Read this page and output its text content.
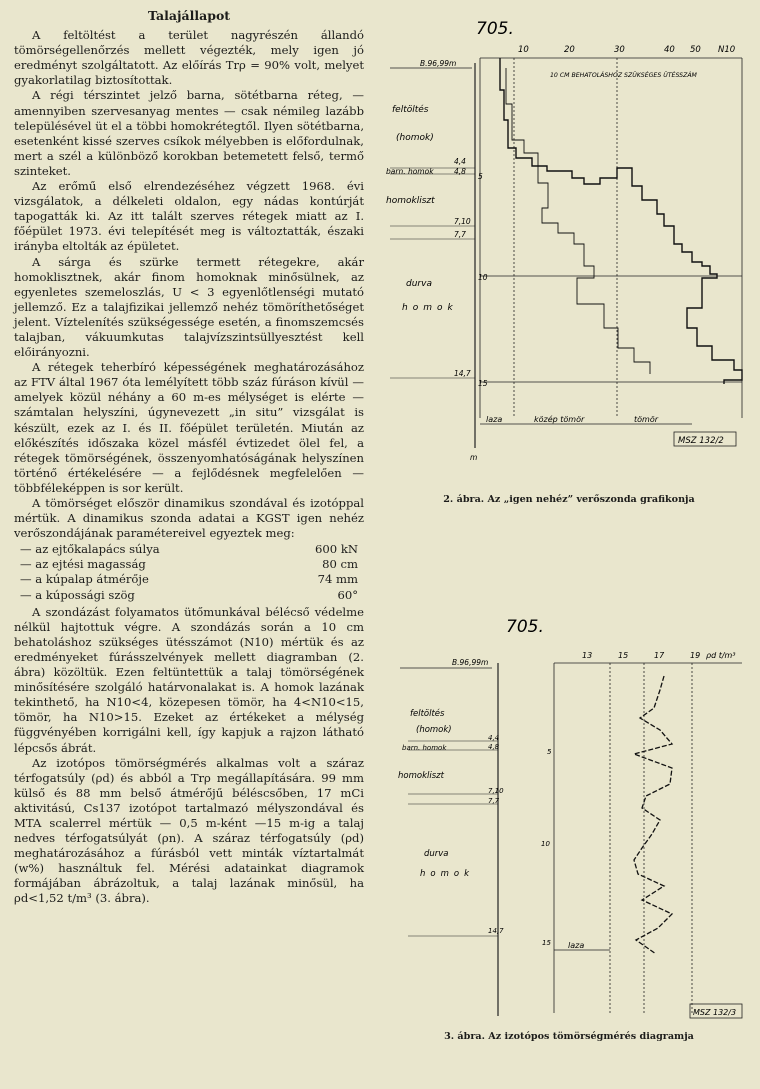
Talajállapot

A feltöltést a terület nagyrészén állandó tömörségellenőrzés mellett végezték, mely igen jó eredményt szolgáltatott. Az előírás Trρ = 90% volt, melyet gyakorlatilag biztosítottak.

A régi térszintet jelző barna, sötétbarna réteg, — amennyiben szervesanyag mentes — csak némileg lazább településével üt el a többi homokrétegtől. Ilyen sötétbarna, esetenként kissé szerves csíkok mélyebben is előfordulnak, mert a szél a különböző korokban betemetett felső, termő szinteket.

Az erőmű első elrendezéséhez végzett 1968. évi vizsgálatok, a délkeleti oldalon, egy nádas kontúrját tapogatták ki. Az itt talált szerves rétegek miatt az I. főépület 1973. évi telepítését meg is változtatták, északi irányba eltolták az épületet.

A sárga és szürke termett rétegekre, akár homoklisztnek, akár finom homoknak minősülnek, az egyenletes szemeloszlás, U < 3 egyenlőtlenségi mutató jellemző. Ez a talajfizikai jellemző nehéz tömöríthetőséget jelent. Víztelenítés szükségessége esetén, a finomszemcsés talajban, vákuumkutas talajvízszintsüllyesztést kell előirányozni.

A rétegek teherbíró képességének meghatározásához az FTV által 1967 óta lemélyített több száz fúráson kívül — amelyek közül néhány a 60 m-es mélységet is elérte — számtalan helyszíni, úgynevezett „in situ” vizsgálat is készült, ezek az I. és II. főépület területén. Miután az előkészítés időszaka közel másfél évtizedet ölel fel, a rétegek tömörségének, összenyomhatóságának helyszínen történő értékelésére — a fejlődésnek megfelelően — többféleképpen is sor került.

A tömörséget először dinamikus szondával és izotóppal mértük. A dinamikus szonda adatai a KGST igen nehéz verőszondájának paramétereivel egyeztek meg:

— az ejtőkalapács súlya	600 kN
— az ejtési magasság	80 cm
— a kúpalap átmérője	74 mm
— a kúpossági szög	60°

A szondázást folyamatos ütőmunkával bélécső védelme nélkül hajtottuk végre. A szondázás során a 10 cm behatoláshoz szükséges ütésszámot (N10) mértük és az eredményeket fúrásszelvények mellett diagramban (2. ábra) közöltük. Ezen feltüntettük a talaj tömörségének minősítésére szolgáló határvonalakat is. A homok lazának tekinthető, ha N10<4, közepesen tömör, ha 4<N10<15, tömör, ha N10>15. Ezeket az értékeket a mélység függvényében korrigálni kell, így kapjuk a rajzon látható lépcsős ábrát.

Az izotópos tömörségmérés alkalmas volt a száraz térfogatsúly (ρd) és abból a Trρ megállapítására. 99 mm külső és 88 mm belső átmérőjű béléscsőben, 17 mCi aktivitású, Cs137 izotópot tartalmazó mélyszondával és MTA scalerrel mértük — 0,5 m-ként —15 m-ig a talaj nedves térfogatsúlyát (ρn). A száraz térfogatsúly (ρd) meghatározásához a fúrásból vett minták víztartalmát (w%) használtuk fel. Mérési adatainkat diagramok formájában ábrázoltuk, a talaj lazának minősül, ha ρd<1,52 t/m³ (3. ábra).

705.
B.96,99m
10	20	30	40 50 N10
10 CM BEHATOLÁSHOZ SZÜKSÉGES ÜTÉSSZÁM
4,4
4,8
5
7,10
7,7
10
14,7
15
m
feltöltés
(homok)
barn. homok
homokliszt
durva
homok
laza	közép tömör	tömör
MSZ 132/2
2. ábra. Az „igen nehéz” verőszonda grafikonja
705.
B.96,99m
13	15	17	19 ρd t/m³
4,4
4,8
5
7,10
7,7
10
14,7
15
feltöltés
(homok)
barn. homok
homokliszt
durva
homok
laza
MSZ 132/3
3. ábra. Az izotópos tömörségmérés diagramja
